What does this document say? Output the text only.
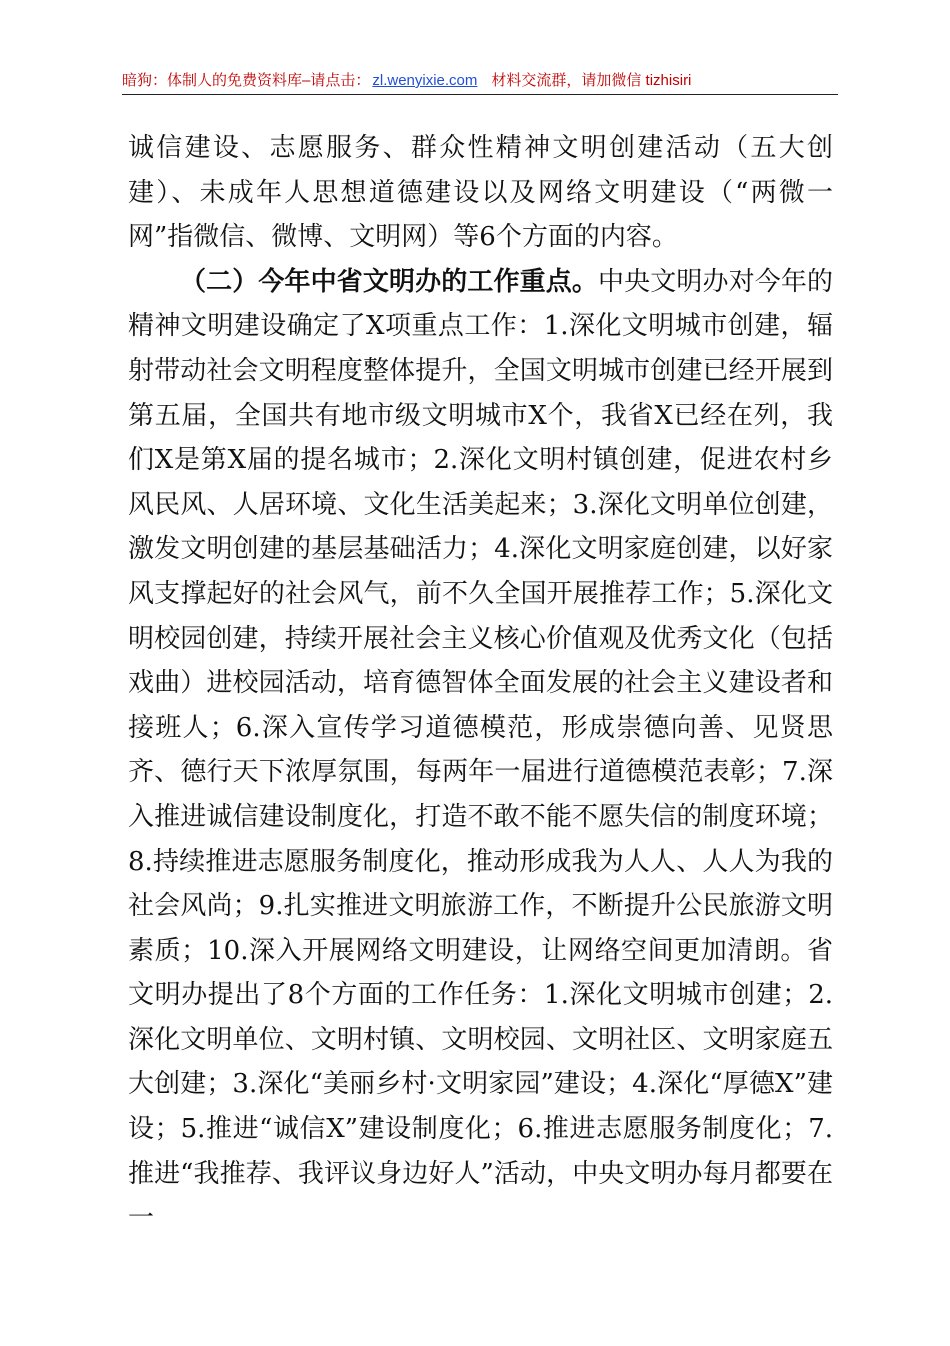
暗狗：体制人的免费资料库–请点击： zl.wenyixie.com 材料交流群，请加微信 tizhisiri

诚信建设、志愿服务、群众性精神文明创建活动（五大创建）、未成年人思想道德建设以及网络文明建设（“两微一网”指微信、微博、文明网）等6个方面的内容。

（二）今年中省文明办的工作重点。中央文明办对今年的精神文明建设确定了X项重点工作：1.深化文明城市创建，辐射带动社会文明程度整体提升，全国文明城市创建已经开展到第五届，全国共有地市级文明城市X个，我省X已经在列，我们X是第X届的提名城市；2.深化文明村镇创建，促进农村乡风民风、人居环境、文化生活美起来；3.深化文明单位创建，激发文明创建的基层基础活力；4.深化文明家庭创建，以好家风支撑起好的社会风气，前不久全国开展推荐工作；5.深化文明校园创建，持续开展社会主义核心价值观及优秀文化（包括戏曲）进校园活动，培育德智体全面发展的社会主义建设者和接班人；6.深入宣传学习道德模范，形成崇德向善、见贤思齐、德行天下浓厚氛围，每两年一届进行道德模范表彰；7.深入推进诚信建设制度化，打造不敢不能不愿失信的制度环境；8.持续推进志愿服务制度化，推动形成我为人人、人人为我的社会风尚；9.扎实推进文明旅游工作，不断提升公民旅游文明素质；10.深入开展网络文明建设，让网络空间更加清朗。省文明办提出了8个方面的工作任务：1.深化文明城市创建；2.深化文明单位、文明村镇、文明校园、文明社区、文明家庭五大创建；3.深化“美丽乡村·文明家园”建设；4.深化“厚德X”建设；5.推进“诚信X”建设制度化；6.推进志愿服务制度化；7.推进“我推荐、我评议身边好人”活动，中央文明办每月都要在一
